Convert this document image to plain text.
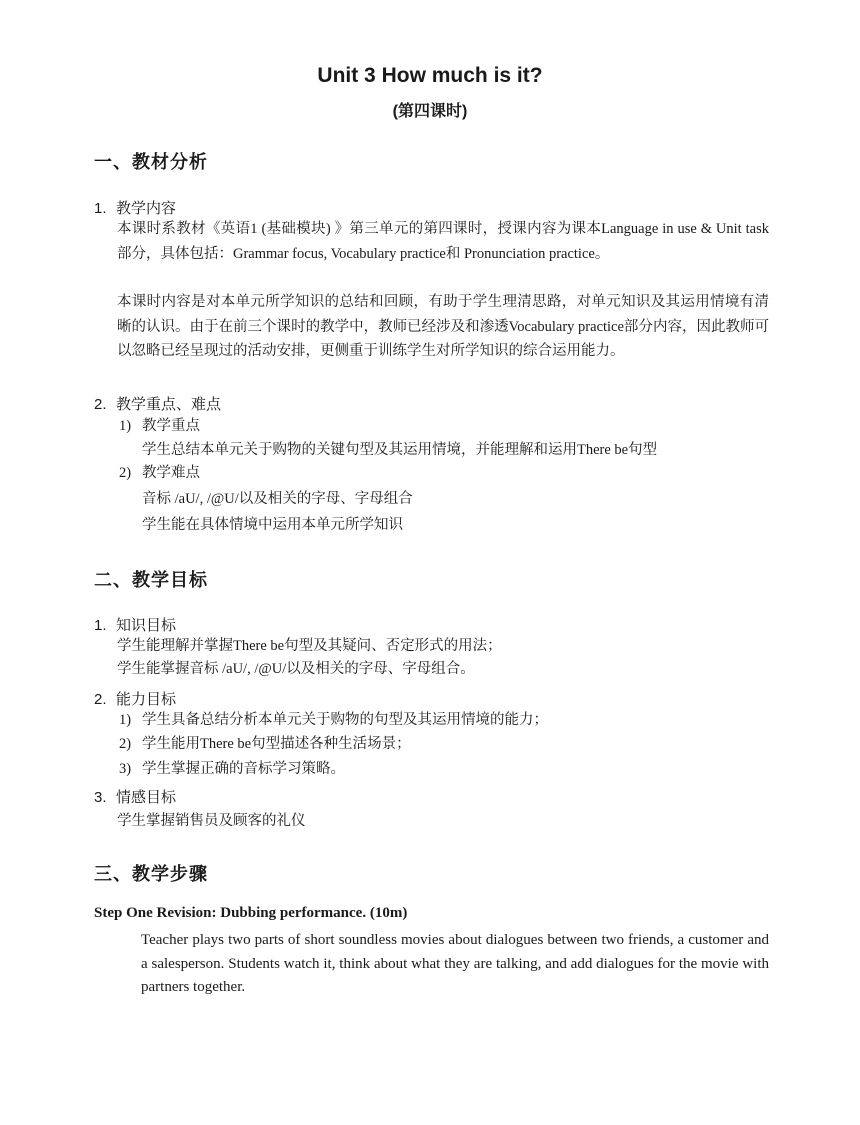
Unit 3 How much is it?
(第四课时)
一、教材分析
1. 教学内容
本课时系教材《英语1 (基础模块) 》第三单元的第四课时，授课内容为课本Language in use & Unit task部分，具体包括：Grammar focus, Vocabulary practice和 Pronunciation practice。
本课时内容是对本单元所学知识的总结和回顾，有助于学生理清思路，对单元知识及其运用情境有清晰的认识。由于在前三个课时的教学中，教师已经涉及和渗透Vocabulary practice部分内容，因此教师可以忽略已经呈现过的活动安排，更侧重于训练学生对所学知识的综合运用能力。
2. 教学重点、难点
1) 教学重点
学生总结本单元关于购物的关键句型及其运用情境，并能理解和运用There be句型
2) 教学难点
音标 /aU/, /@U/以及相关的字母、字母组合
学生能在具体情境中运用本单元所学知识
二、教学目标
1. 知识目标
学生能理解并掌握There be句型及其疑问、否定形式的用法；
学生能掌握音标 /aU/, /@U/以及相关的字母、字母组合。
2. 能力目标
1) 学生具备总结分析本单元关于购物的句型及其运用情境的能力；
2) 学生能用There be句型描述各种生活场景；
3) 学生掌握正确的音标学习策略。
3. 情感目标
学生掌握销售员及顾客的礼仪
三、教学步骤
Step One Revision: Dubbing performance. (10m)
Teacher plays two parts of short soundless movies about dialogues between two friends, a customer and a salesperson. Students watch it, think about what they are talking, and add dialogues for the movie with partners together.
